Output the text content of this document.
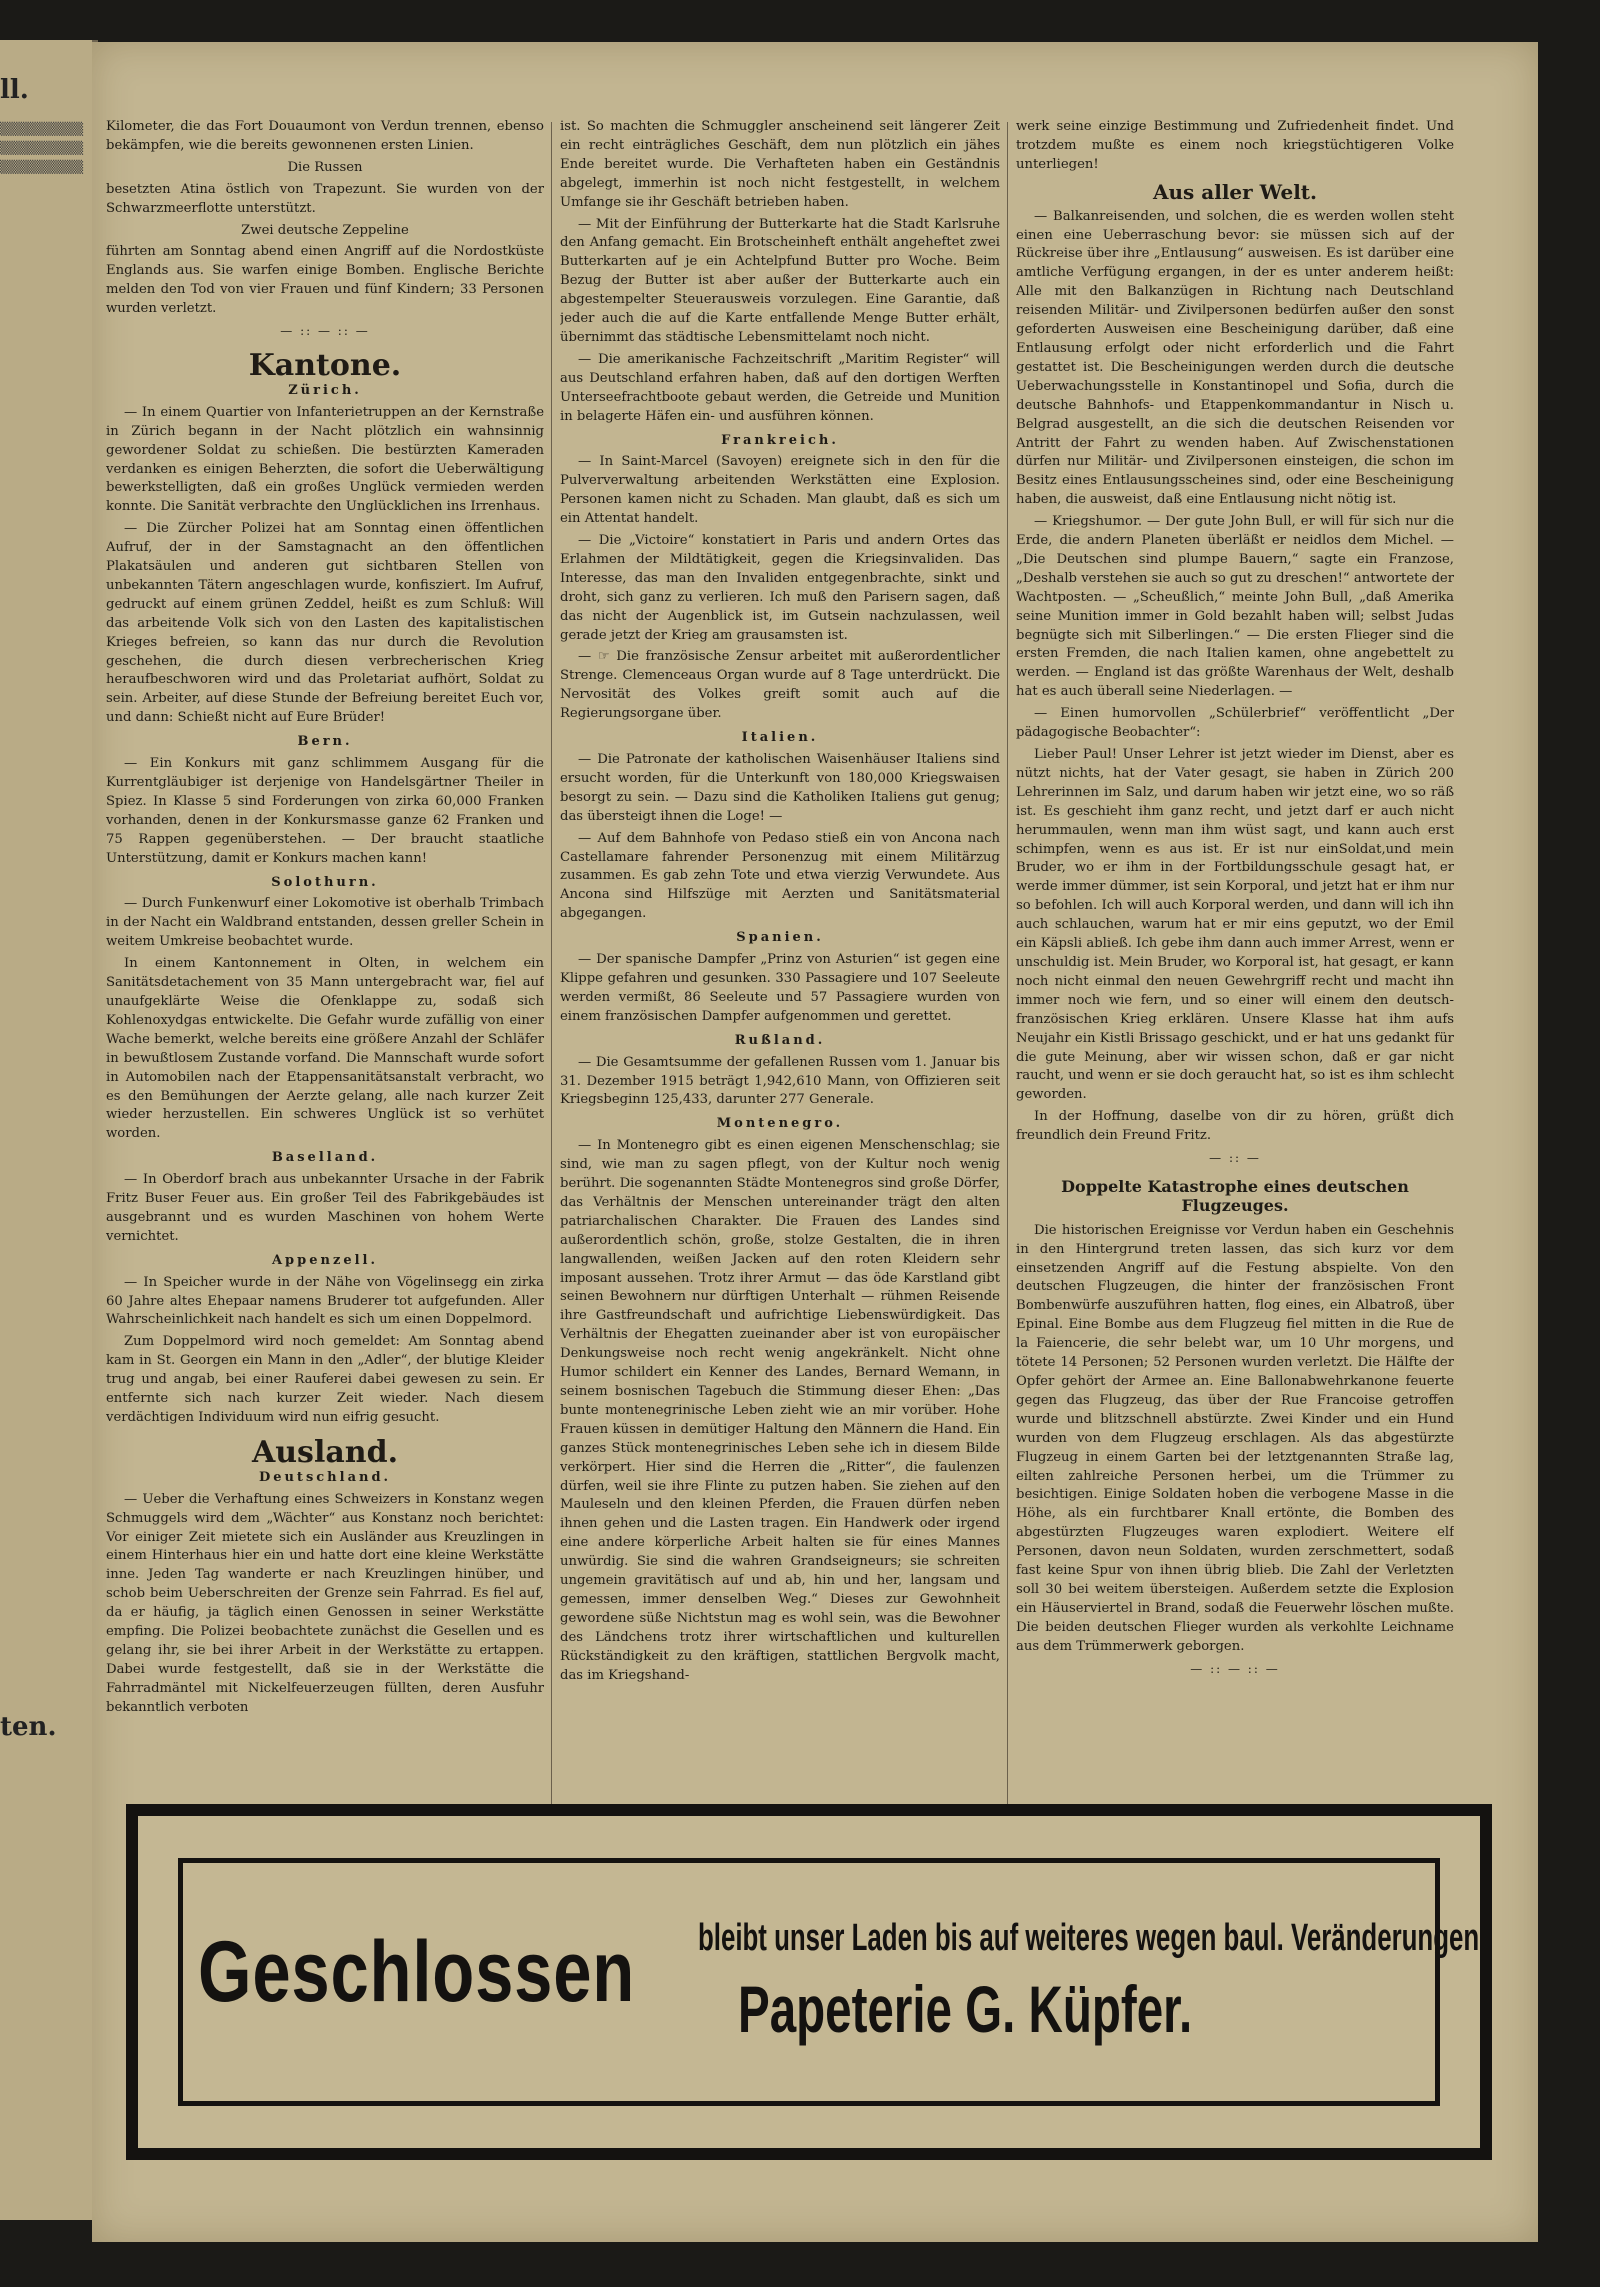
ll.

▒▒▒▒▒▒▒▒▒

▒▒▒▒▒▒▒▒▒

▒▒▒▒▒▒▒▒▒

ten.

Kilometer, die das Fort Douaumont von Verdun trennen, ebenso bekämpfen, wie die bereits gewonnenen ersten Linien.

Die Russen

besetzten Atina östlich von Trapezunt. Sie wurden von der Schwarzmeerflotte unterstützt.

Zwei deutsche Zeppeline

führten am Sonntag abend einen Angriff auf die Nordostküste Englands aus. Sie warfen einige Bomben. Englische Berichte melden den Tod von vier Frauen und fünf Kindern; 33 Personen wurden verletzt.

— :: — :: —
Kantone.
Zürich.

— In einem Quartier von Infanterietruppen an der Kernstraße in Zürich begann in der Nacht plötzlich ein wahnsinnig gewordener Soldat zu schießen. Die bestürzten Kameraden verdanken es einigen Beherzten, die sofort die Ueberwältigung bewerkstelligten, daß ein großes Unglück vermieden werden konnte. Die Sanität verbrachte den Unglücklichen ins Irrenhaus.

— Die Zürcher Polizei hat am Sonntag einen öffentlichen Aufruf, der in der Samstagnacht an den öffentlichen Plakatsäulen und anderen gut sichtbaren Stellen von unbekannten Tätern angeschlagen wurde, konfisziert. Im Aufruf, gedruckt auf einem grünen Zeddel, heißt es zum Schluß: Will das arbeitende Volk sich von den Lasten des kapitalistischen Krieges befreien, so kann das nur durch die Revolution geschehen, die durch diesen verbrecherischen Krieg heraufbeschworen wird und das Proletariat aufhört, Soldat zu sein. Arbeiter, auf diese Stunde der Befreiung bereitet Euch vor, und dann: Schießt nicht auf Eure Brüder!

Bern.

— Ein Konkurs mit ganz schlimmem Ausgang für die Kurrentgläubiger ist derjenige von Handelsgärtner Theiler in Spiez. In Klasse 5 sind Forderungen von zirka 60,000 Franken vorhanden, denen in der Konkursmasse ganze 62 Franken und 75 Rappen gegenüberstehen. — Der braucht staatliche Unterstützung, damit er Konkurs machen kann!

Solothurn.

— Durch Funkenwurf einer Lokomotive ist oberhalb Trimbach in der Nacht ein Waldbrand entstanden, dessen greller Schein in weitem Umkreise beobachtet wurde.

In einem Kantonnement in Olten, in welchem ein Sanitätsdetachement von 35 Mann untergebracht war, fiel auf unaufgeklärte Weise die Ofenklappe zu, sodaß sich Kohlenoxydgas entwickelte. Die Gefahr wurde zufällig von einer Wache bemerkt, welche bereits eine größere Anzahl der Schläfer in bewußtlosem Zustande vorfand. Die Mannschaft wurde sofort in Automobilen nach der Etappensanitätsanstalt verbracht, wo es den Bemühungen der Aerzte gelang, alle nach kurzer Zeit wieder herzustellen. Ein schweres Unglück ist so verhütet worden.

Baselland.

— In Oberdorf brach aus unbekannter Ursache in der Fabrik Fritz Buser Feuer aus. Ein großer Teil des Fabrikgebäudes ist ausgebrannt und es wurden Maschinen von hohem Werte vernichtet.

Appenzell.

— In Speicher wurde in der Nähe von Vögelinsegg ein zirka 60 Jahre altes Ehepaar namens Bruderer tot aufgefunden. Aller Wahrscheinlichkeit nach handelt es sich um einen Doppelmord.

Zum Doppelmord wird noch gemeldet: Am Sonntag abend kam in St. Georgen ein Mann in den „Adler“, der blutige Kleider trug und angab, bei einer Rauferei dabei gewesen zu sein. Er entfernte sich nach kurzer Zeit wieder. Nach diesem verdächtigen Individuum wird nun eifrig gesucht.

Ausland.
Deutschland.

— Ueber die Verhaftung eines Schweizers in Konstanz wegen Schmuggels wird dem „Wächter“ aus Konstanz noch berichtet: Vor einiger Zeit mietete sich ein Ausländer aus Kreuzlingen in einem Hinterhaus hier ein und hatte dort eine kleine Werkstätte inne. Jeden Tag wanderte er nach Kreuzlingen hinüber, und schob beim Ueberschreiten der Grenze sein Fahrrad. Es fiel auf, da er häufig, ja täglich einen Genossen in seiner Werkstätte empfing. Die Polizei beobachtete zunächst die Gesellen und es gelang ihr, sie bei ihrer Arbeit in der Werkstätte zu ertappen. Dabei wurde festgestellt, daß sie in der Werkstätte die Fahrradmäntel mit Nickelfeuerzeugen füllten, deren Ausfuhr bekanntlich verboten

ist. So machten die Schmuggler anscheinend seit längerer Zeit ein recht einträgliches Geschäft, dem nun plötzlich ein jähes Ende bereitet wurde. Die Verhafteten haben ein Geständnis abgelegt, immerhin ist noch nicht festgestellt, in welchem Umfange sie ihr Geschäft betrieben haben.

— Mit der Einführung der Butterkarte hat die Stadt Karlsruhe den Anfang gemacht. Ein Brotscheinheft enthält angeheftet zwei Butterkarten auf je ein Achtelpfund Butter pro Woche. Beim Bezug der Butter ist aber außer der Butterkarte auch ein abgestempelter Steuerausweis vorzulegen. Eine Garantie, daß jeder auch die auf die Karte entfallende Menge Butter erhält, übernimmt das städtische Lebensmittelamt noch nicht.

— Die amerikanische Fachzeitschrift „Maritim Register“ will aus Deutschland erfahren haben, daß auf den dortigen Werften Unterseefrachtboote gebaut werden, die Getreide und Munition in belagerte Häfen ein- und ausführen können.

Frankreich.

— In Saint-Marcel (Savoyen) ereignete sich in den für die Pulververwaltung arbeitenden Werkstätten eine Explosion. Personen kamen nicht zu Schaden. Man glaubt, daß es sich um ein Attentat handelt.

— Die „Victoire“ konstatiert in Paris und andern Ortes das Erlahmen der Mildtätigkeit, gegen die Kriegsinvaliden. Das Interesse, das man den Invaliden entgegenbrachte, sinkt und droht, sich ganz zu verlieren. Ich muß den Parisern sagen, daß das nicht der Augenblick ist, im Gutsein nachzulassen, weil gerade jetzt der Krieg am grausamsten ist.

— ☞ Die französische Zensur arbeitet mit außerordentlicher Strenge. Clemenceaus Organ wurde auf 8 Tage unterdrückt. Die Nervosität des Volkes greift somit auch auf die Regierungsorgane über.

Italien.

— Die Patronate der katholischen Waisenhäuser Italiens sind ersucht worden, für die Unterkunft von 180,000 Kriegswaisen besorgt zu sein. — Dazu sind die Katholiken Italiens gut genug; das übersteigt ihnen die Loge! —

— Auf dem Bahnhofe von Pedaso stieß ein von Ancona nach Castellamare fahrender Personenzug mit einem Militärzug zusammen. Es gab zehn Tote und etwa vierzig Verwundete. Aus Ancona sind Hilfszüge mit Aerzten und Sanitätsmaterial abgegangen.

Spanien.

— Der spanische Dampfer „Prinz von Asturien“ ist gegen eine Klippe gefahren und gesunken. 330 Passagiere und 107 Seeleute werden vermißt, 86 Seeleute und 57 Passagiere wurden von einem französischen Dampfer aufgenommen und gerettet.

Rußland.

— Die Gesamtsumme der gefallenen Russen vom 1. Januar bis 31. Dezember 1915 beträgt 1,942,610 Mann, von Offizieren seit Kriegsbeginn 125,433, darunter 277 Generale.

Montenegro.

— In Montenegro gibt es einen eigenen Menschenschlag; sie sind, wie man zu sagen pflegt, von der Kultur noch wenig berührt. Die sogenannten Städte Montenegros sind große Dörfer, das Verhältnis der Menschen untereinander trägt den alten patriarchalischen Charakter. Die Frauen des Landes sind außerordentlich schön, große, stolze Gestalten, die in ihren langwallenden, weißen Jacken auf den roten Kleidern sehr imposant aussehen. Trotz ihrer Armut — das öde Karstland gibt seinen Bewohnern nur dürftigen Unterhalt — rühmen Reisende ihre Gastfreundschaft und aufrichtige Liebenswürdigkeit. Das Verhältnis der Ehegatten zueinander aber ist von europäischer Denkungsweise noch recht wenig angekränkelt. Nicht ohne Humor schildert ein Kenner des Landes, Bernard Wemann, in seinem bosnischen Tagebuch die Stimmung dieser Ehen: „Das bunte montenegrinische Leben zieht wie an mir vorüber. Hohe Frauen küssen in demütiger Haltung den Männern die Hand. Ein ganzes Stück montenegrinisches Leben sehe ich in diesem Bilde verkörpert. Hier sind die Herren die „Ritter“, die faulenzen dürfen, weil sie ihre Flinte zu putzen haben. Sie ziehen auf den Mauleseln und den kleinen Pferden, die Frauen dürfen neben ihnen gehen und die Lasten tragen. Ein Handwerk oder irgend eine andere körperliche Arbeit halten sie für eines Mannes unwürdig. Sie sind die wahren Grandseigneurs; sie schreiten ungemein gravitätisch auf und ab, hin und her, langsam und gemessen, immer denselben Weg.“ Dieses zur Gewohnheit gewordene süße Nichtstun mag es wohl sein, was die Bewohner des Ländchens trotz ihrer wirtschaftlichen und kulturellen Rückständigkeit zu den kräftigen, stattlichen Bergvolk macht, das im Kriegshand-

werk seine einzige Bestimmung und Zufriedenheit findet. Und trotzdem mußte es einem noch kriegstüchtigeren Volke unterliegen!

Aus aller Welt.

— Balkanreisenden, und solchen, die es werden wollen steht einen eine Ueberraschung bevor: sie müssen sich auf der Rückreise über ihre „Entlausung“ ausweisen. Es ist darüber eine amtliche Verfügung ergangen, in der es unter anderem heißt: Alle mit den Balkanzügen in Richtung nach Deutschland reisenden Militär- und Zivilpersonen bedürfen außer den sonst geforderten Ausweisen eine Bescheinigung darüber, daß eine Entlausung erfolgt oder nicht erforderlich und die Fahrt gestattet ist. Die Bescheinigungen werden durch die deutsche Ueberwachungsstelle in Konstantinopel und Sofia, durch die deutsche Bahnhofs- und Etappenkommandantur in Nisch u. Belgrad ausgestellt, an die sich die deutschen Reisenden vor Antritt der Fahrt zu wenden haben. Auf Zwischenstationen dürfen nur Militär- und Zivilpersonen einsteigen, die schon im Besitz eines Entlausungsscheines sind, oder eine Bescheinigung haben, die ausweist, daß eine Entlausung nicht nötig ist.

— Kriegshumor. — Der gute John Bull, er will für sich nur die Erde, die andern Planeten überläßt er neidlos dem Michel. — „Die Deutschen sind plumpe Bauern,“ sagte ein Franzose, „Deshalb verstehen sie auch so gut zu dreschen!“ antwortete der Wachtposten. — „Scheußlich,“ meinte John Bull, „daß Amerika seine Munition immer in Gold bezahlt haben will; selbst Judas begnügte sich mit Silberlingen.“ — Die ersten Flieger sind die ersten Fremden, die nach Italien kamen, ohne angebettelt zu werden. — England ist das größte Warenhaus der Welt, deshalb hat es auch überall seine Niederlagen. —

— Einen humorvollen „Schülerbrief“ veröffentlicht „Der pädagogische Beobachter“:

Lieber Paul! Unser Lehrer ist jetzt wieder im Dienst, aber es nützt nichts, hat der Vater gesagt, sie haben in Zürich 200 Lehrerinnen im Salz, und darum haben wir jetzt eine, wo so räß ist. Es geschieht ihm ganz recht, und jetzt darf er auch nicht herummaulen, wenn man ihm wüst sagt, und kann auch erst schimpfen, wenn es aus ist. Er ist nur einSoldat,und mein Bruder, wo er ihm in der Fortbildungsschule gesagt hat, er werde immer dümmer, ist sein Korporal, und jetzt hat er ihm nur so befohlen. Ich will auch Korporal werden, und dann will ich ihn auch schlauchen, warum hat er mir eins geputzt, wo der Emil ein Käpsli abließ. Ich gebe ihm dann auch immer Arrest, wenn er unschuldig ist. Mein Bruder, wo Korporal ist, hat gesagt, er kann noch nicht einmal den neuen Gewehrgriff recht und macht ihn immer noch wie fern, und so einer will einem den deutsch-französischen Krieg erklären. Unsere Klasse hat ihm aufs Neujahr ein Kistli Brissago geschickt, und er hat uns gedankt für die gute Meinung, aber wir wissen schon, daß er gar nicht raucht, und wenn er sie doch geraucht hat, so ist es ihm schlecht geworden.

In der Hoffnung, daselbe von dir zu hören, grüßt dich freundlich dein Freund Fritz.

— :: —
Doppelte Katastrophe eines deutschen Flugzeuges.

Die historischen Ereignisse vor Verdun haben ein Geschehnis in den Hintergrund treten lassen, das sich kurz vor dem einsetzenden Angriff auf die Festung abspielte. Von den deutschen Flugzeugen, die hinter der französischen Front Bombenwürfe auszuführen hatten, flog eines, ein Albatroß, über Epinal. Eine Bombe aus dem Flugzeug fiel mitten in die Rue de la Faiencerie, die sehr belebt war, um 10 Uhr morgens, und tötete 14 Personen; 52 Personen wurden verletzt. Die Hälfte der Opfer gehört der Armee an. Eine Ballonabwehrkanone feuerte gegen das Flugzeug, das über der Rue Francoise getroffen wurde und blitzschnell abstürzte. Zwei Kinder und ein Hund wurden von dem Flugzeug erschlagen. Als das abgestürzte Flugzeug in einem Garten bei der letztgenannten Straße lag, eilten zahlreiche Personen herbei, um die Trümmer zu besichtigen. Einige Soldaten hoben die verbogene Masse in die Höhe, als ein furchtbarer Knall ertönte, die Bomben des abgestürzten Flugzeuges waren explodiert. Weitere elf Personen, davon neun Soldaten, wurden zerschmettert, sodaß fast keine Spur von ihnen übrig blieb. Die Zahl der Verletzten soll 30 bei weitem übersteigen. Außerdem setzte die Explosion ein Häuserviertel in Brand, sodaß die Feuerwehr löschen mußte. Die beiden deutschen Flieger wurden als verkohlte Leichname aus dem Trümmerwerk geborgen.

— :: — :: —
Geschlossen bleibt unser Laden bis auf weiteres wegen baul. Veränderungen
Papeterie G. Küpfer.
